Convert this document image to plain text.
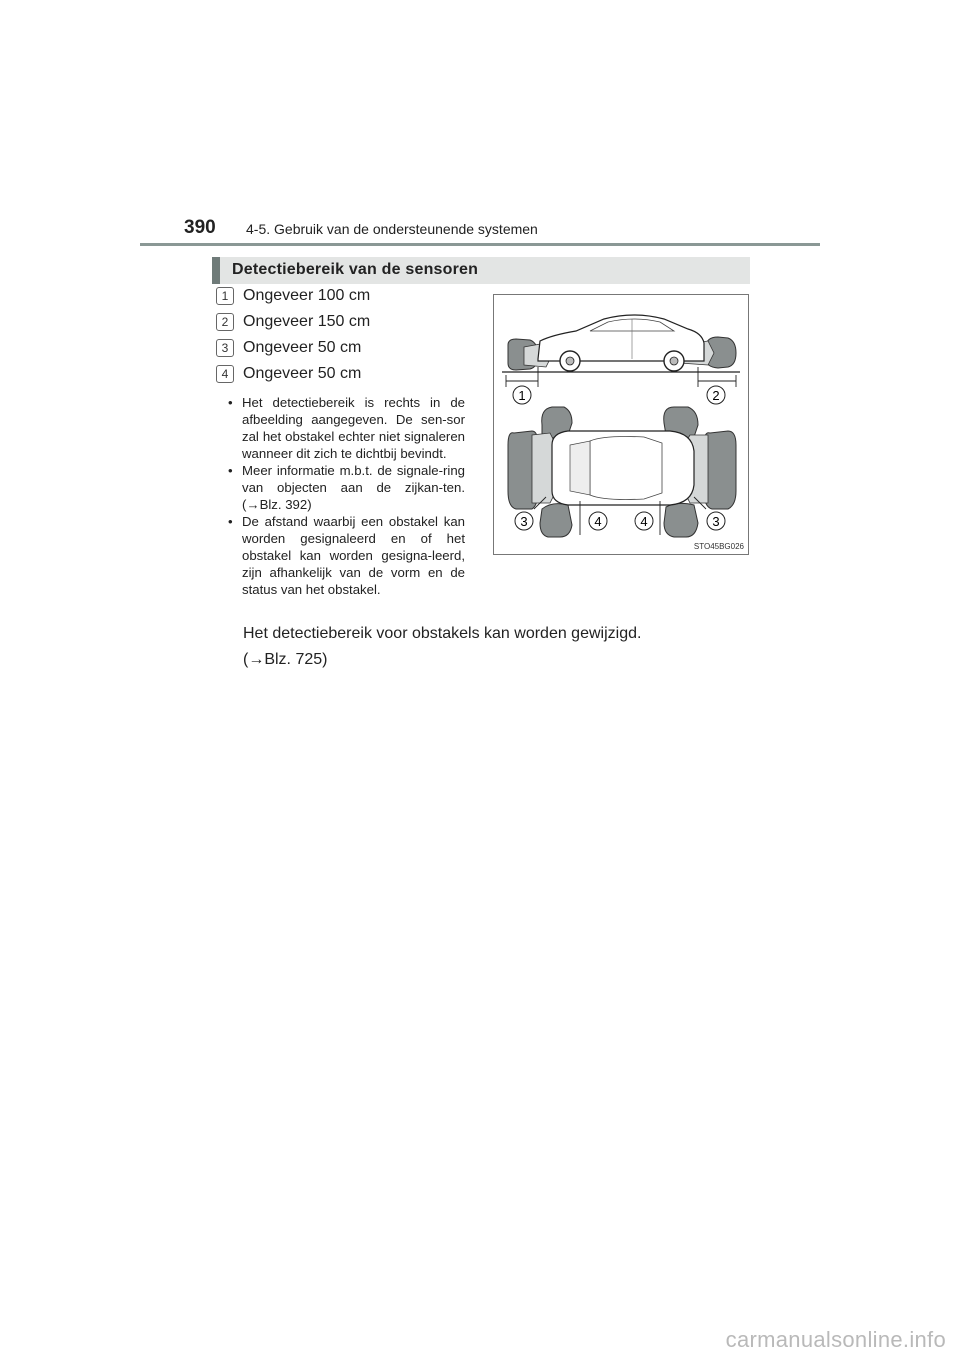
390 4-5. Gebruik van de ondersteunende systemen
Detectiebereik van de sensoren
1 Ongeveer 100 cm
2 Ongeveer 150 cm
3 Ongeveer 50 cm
4 Ongeveer 50 cm
• Het detectiebereik is rechts in de afbeelding aangegeven. De sen-sor zal het obstakel echter niet signaleren wanneer dit zich te dichtbij bevindt.
• Meer informatie m.b.t. de signale-ring van objecten aan de zijkan-ten. (→Blz. 392)
• De afstand waarbij een obstakel kan worden gesignaleerd en of het obstakel kan worden gesigna-leerd, zijn afhankelijk van de vorm en de status van het obstakel.
1	2
3	4	4	3
STO45BG026
Het detectiebereik voor obstakels kan worden gewijzigd.
(→Blz. 725)
carmanualsonline.info
